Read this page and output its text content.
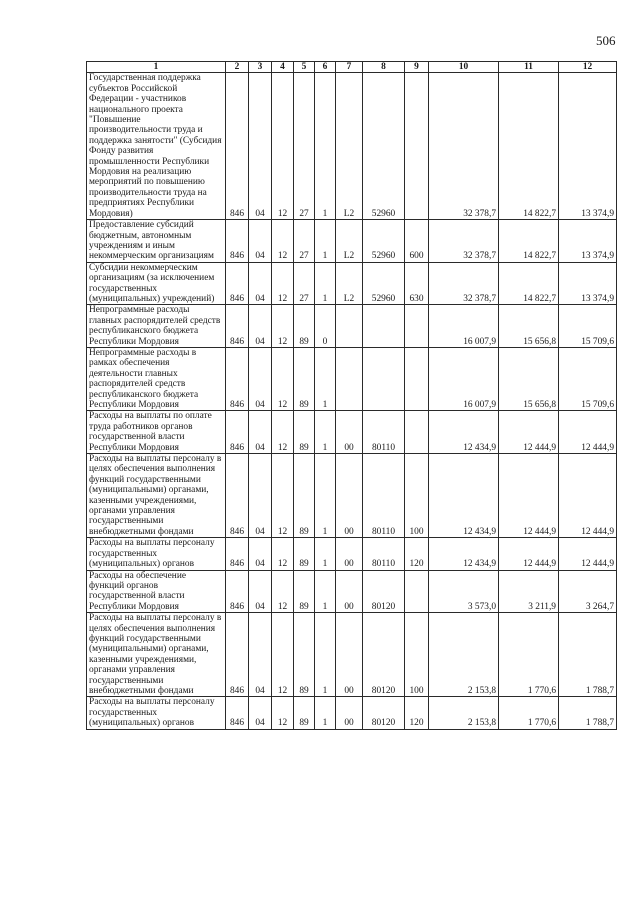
506
1	2	3	4	5	6	7	8	9	10	11	12
Государственная поддержка субъектов Российской Федерации - участников национального проекта "Повышение производительности труда и поддержка занятости" (Субсидия Фонду развития промышленности Республики Мордовия на реализацию мероприятий по повышению производительности труда на предприятиях Республики Мордовия)	846	04	12	27	1	L2	52960		32 378,7	14 822,7	13 374,9
Предоставление субсидий бюджетным, автономным учреждениям и иным некоммерческим организациям	846	04	12	27	1	L2	52960	600	32 378,7	14 822,7	13 374,9
Субсидии некоммерческим организациям (за исключением государственных (муниципальных) учреждений)	846	04	12	27	1	L2	52960	630	32 378,7	14 822,7	13 374,9
Непрограммные расходы главных распорядителей средств республиканского бюджета Республики Мордовия	846	04	12	89	0				16 007,9	15 656,8	15 709,6
Непрограммные расходы в рамках обеспечения деятельности главных распорядителей средств республиканского бюджета Республики Мордовия	846	04	12	89	1				16 007,9	15 656,8	15 709,6
Расходы на выплаты по оплате труда работников органов государственной власти Республики Мордовия	846	04	12	89	1	00	80110		12 434,9	12 444,9	12 444,9
Расходы на выплаты персоналу в целях обеспечения выполнения функций государственными (муниципальными) органами, казенными учреждениями, органами управления государственными внебюджетными фондами	846	04	12	89	1	00	80110	100	12 434,9	12 444,9	12 444,9
Расходы на выплаты персоналу государственных (муниципальных) органов	846	04	12	89	1	00	80110	120	12 434,9	12 444,9	12 444,9
Расходы на обеспечение функций органов государственной власти Республики Мордовия	846	04	12	89	1	00	80120		3 573,0	3 211,9	3 264,7
Расходы на выплаты персоналу в целях обеспечения выполнения функций государственными (муниципальными) органами, казенными учреждениями, органами управления государственными внебюджетными фондами	846	04	12	89	1	00	80120	100	2 153,8	1 770,6	1 788,7
Расходы на выплаты персоналу государственных (муниципальных) органов	846	04	12	89	1	00	80120	120	2 153,8	1 770,6	1 788,7
